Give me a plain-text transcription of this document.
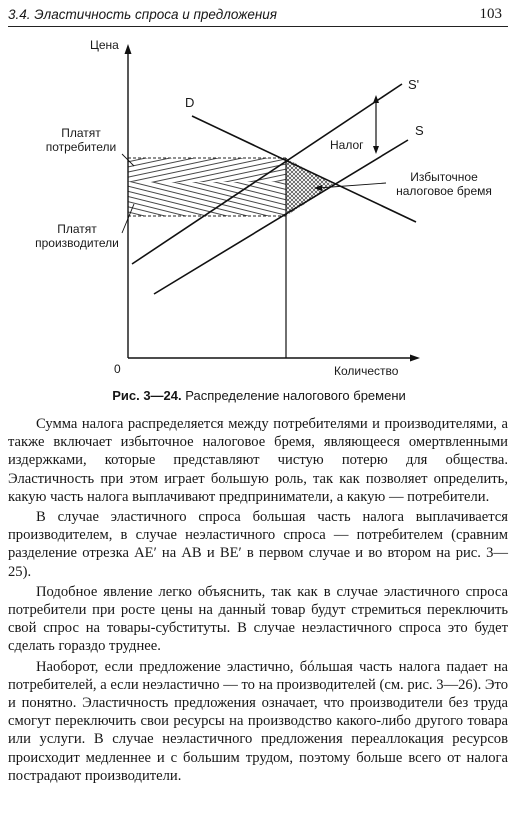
3.4. Эластичность спроса и предложения	103
Цена
Количество
0
D
S'
S
Налог
Платят
потребители
Платят
производители
Избыточное
налоговое бремя
Рис. 3—24. Распределение налогового бремени

Сумма налога распределяется между потребителями и производителями, а также включает избыточное налоговое бремя, являющееся омертвленными издержками, которые представляют чистую потерю для общества. Эластичность при этом играет большую роль, так как позволяет определить, какую часть налога выплачивают предприниматели, а какую — потребители.

В случае эластичного спроса большая часть налога выплачивается производителем, в случае неэластичного спроса — потребителем (сравним разделение отрезка AE′ на AB и BE′ в первом случае и во втором на рис. 3—25).

Подобное явление легко объяснить, так как в случае эластичного спроса потребители при росте цены на данный товар будут стремиться переключить свой спрос на товары-субституты. В случае неэластичного спроса это будет сделать гораздо труднее.

Наоборот, если предложение эластично, бóльшая часть налога падает на потребителей, а если неэластично — то на производителей (см. рис. 3—26). Это и понятно. Эластичность предложения означает, что производители без труда смогут переключить свои ресурсы на производство какого-либо другого товара или услуги. В случае неэластичного предложения переаллокация ресурсов происходит медленнее и с большим трудом, поэтому больше всего от налога пострадают производители.
